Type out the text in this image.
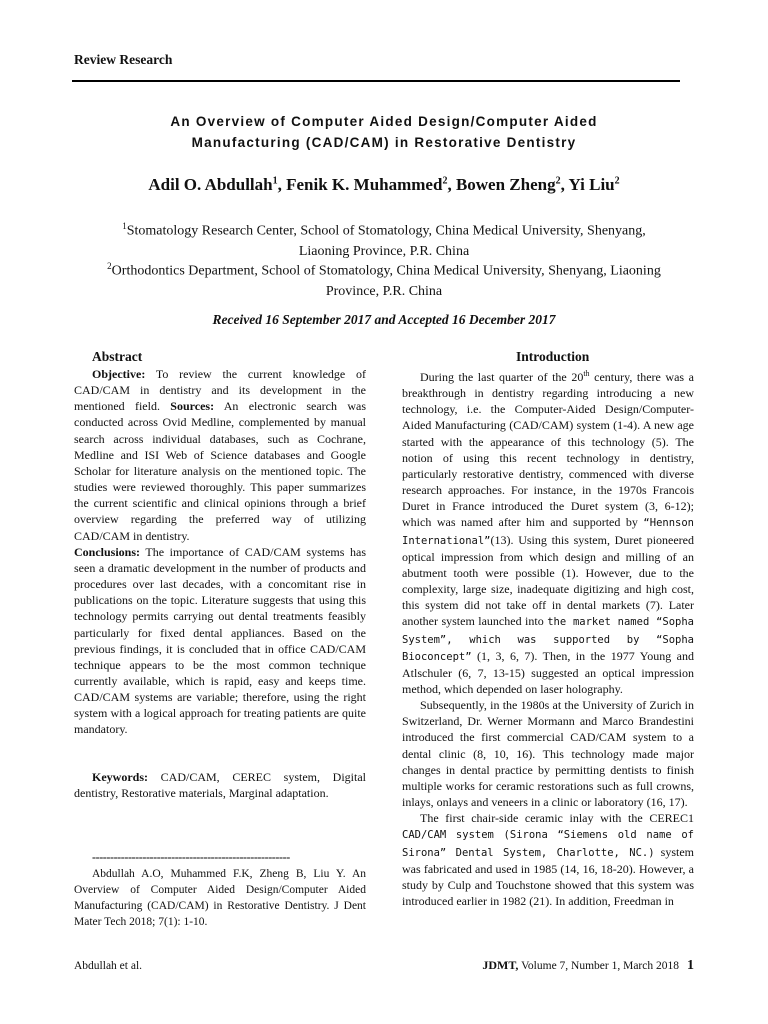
Review Research
An Overview of Computer Aided Design/Computer Aided
Manufacturing (CAD/CAM) in Restorative Dentistry
Adil O. Abdullah$^1$, Fenik K. Muhammed$^2$, Bowen Zheng$^2$, Yi Liu$^2$
$^1$Stomatology Research Center, School of Stomatology, China Medical University, Shenyang,
Liaoning Province, P.R. China
$^2$Orthodontics Department, School of Stomatology, China Medical University, Shenyang, Liaoning
Province, P.R. China
Received 16 September 2017 and Accepted 16 December 2017
Abstract

Objective: To review the current knowledge of CAD/CAM in dentistry and its development in the mentioned field. Sources: An electronic search was conducted across Ovid Medline, complemented by manual search across individual databases, such as Cochrane, Medline and ISI Web of Science databases and Google Scholar for literature analysis on the mentioned topic. The studies were reviewed thoroughly. This paper summarizes the current scientific and clinical opinions through a brief overview regarding the preferred way of utilizing CAD/CAM in dentistry.

Conclusions: The importance of CAD/CAM systems has seen a dramatic development in the number of products and procedures over last decades, with a concomitant rise in publications on the topic. Literature suggests that using this technology permits carrying out dental treatments feasibly particularly for fixed dental appliances. Based on the previous findings, it is concluded that in office CAD/CAM technique appears to be the most common technique currently available, which is rapid, easy and keeps time. CAD/CAM systems are variable; therefore, using the right system with a logical approach for treating patients are quite mandatory.

Keywords: CAD/CAM, CEREC system, Digital dentistry, Restorative materials, Marginal adaptation.

-------------------------------------------------------
Abdullah A.O, Muhammed F.K, Zheng B, Liu Y. An Overview of Computer Aided Design/Computer Aided Manufacturing (CAD/CAM) in Restorative Dentistry. J Dent Mater Tech 2018; 7(1): 1-10.
Introduction

During the last quarter of the 20th century, there was a breakthrough in dentistry regarding introducing a new technology, i.e. the Computer-Aided Design/Computer-Aided Manufacturing (CAD/CAM) system (1-4). A new age started with the appearance of this technology (5). The notion of using this recent technology in dentistry, particularly restorative dentistry, commenced with diverse research approaches. For instance, in the 1970s Francois Duret in France introduced the Duret system (3, 6-12); which was named after him and supported by “Hennson International”(13). Using this system, Duret pioneered optical impression from which design and milling of an abutment tooth were possible (1). However, due to the complexity, large size, inadequate digitizing and high cost, this system did not take off in dental markets (7). Later another system launched into the market named “Sopha System”, which was supported by “Sopha Bioconcept” (1, 3, 6, 7). Then, in the 1977 Young and Atlschuler (6, 7, 13-15) suggested an optical impression method, which depended on laser holography.

Subsequently, in the 1980s at the University of Zurich in Switzerland, Dr. Werner Mormann and Marco Brandestini introduced the first commercial CAD/CAM system to a dental clinic (8, 10, 16). This technology made major changes in dental practice by permitting dentists to finish multiple works for ceramic restorations such as full crowns, inlays, onlays and veneers in a clinic or laboratory (16, 17).

The first chair-side ceramic inlay with the CEREC1 CAD/CAM system (Sirona “Siemens old name of Sirona” Dental System, Charlotte, NC.) system was fabricated and used in 1985 (14, 16, 18-20). However, a study by Culp and Touchstone showed that this system was introduced earlier in 1982 (21). In addition, Freedman in

Abdullah et al.	JDMT, Volume 7, Number 1, March 2018 1
